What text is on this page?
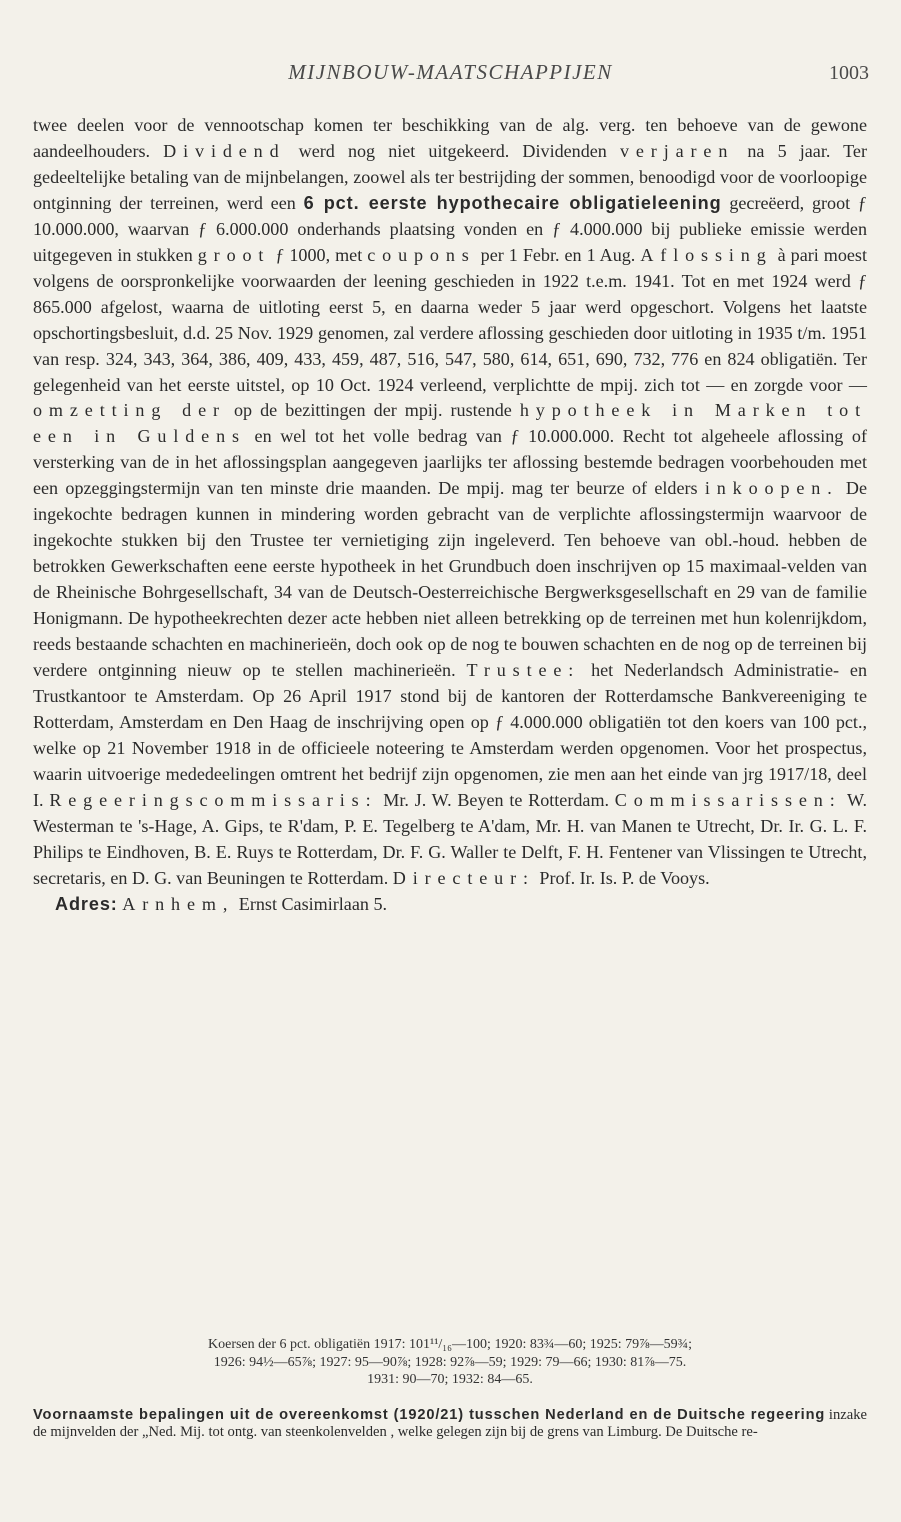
MIJNBOUW-MAATSCHAPPIJEN	1003

twee deelen voor de vennootschap komen ter beschikking van de alg. verg. ten behoeve van de gewone aandeelhouders. Dividend werd nog niet uitgekeerd. Dividenden verjaren na 5 jaar. Ter gedeeltelijke betaling van de mijnbelangen, zoowel als ter bestrijding der sommen, benoodigd voor de voorloopige ontginning der terreinen, werd een 6 pct. eerste hypothecaire obligatieleening gecreëerd, groot ƒ 10.000.000, waarvan ƒ 6.000.000 onderhands plaatsing vonden en ƒ 4.000.000 bij publieke emissie werden uitgegeven in stukken groot ƒ 1000, met coupons per 1 Febr. en 1 Aug. Aflossing à pari moest volgens de oorspronkelijke voorwaarden der leening geschieden in 1922 t.e.m. 1941. Tot en met 1924 werd ƒ 865.000 afgelost, waarna de uitloting eerst 5, en daarna weder 5 jaar werd opgeschort. Volgens het laatste opschortingsbesluit, d.d. 25 Nov. 1929 genomen, zal verdere aflossing geschieden door uitloting in 1935 t/m. 1951 van resp. 324, 343, 364, 386, 409, 433, 459, 487, 516, 547, 580, 614, 651, 690, 732, 776 en 824 obligatiën. Ter gelegenheid van het eerste uitstel, op 10 Oct. 1924 verleend, verplichtte de mpij. zich tot — en zorgde voor — omzetting der op de bezittingen der mpij. rustende hypotheek in Marken tot een in Guldens en wel tot het volle bedrag van ƒ 10.000.000. Recht tot algeheele aflossing of versterking van de in het aflossingsplan aangegeven jaarlijks ter aflossing bestemde bedragen voorbehouden met een opzeggingstermijn van ten minste drie maanden. De mpij. mag ter beurze of elders inkoopen. De ingekochte bedragen kunnen in mindering worden gebracht van de verplichte aflossingstermijn waarvoor de ingekochte stukken bij den Trustee ter vernietiging zijn ingeleverd. Ten behoeve van obl.-houd. hebben de betrokken Gewerkschaften eene eerste hypotheek in het Grundbuch doen inschrijven op 15 maximaal-velden van de Rheinische Bohrgesellschaft, 34 van de Deutsch-Oesterreichische Bergwerksgesellschaft en 29 van de familie Honigmann. De hypotheekrechten dezer acte hebben niet alleen betrekking op de terreinen met hun kolenrijkdom, reeds bestaande schachten en machinerieën, doch ook op de nog te bouwen schachten en de nog op de terreinen bij verdere ontginning nieuw op te stellen machinerieën. Trustee: het Nederlandsch Administratie- en Trustkantoor te Amsterdam. Op 26 April 1917 stond bij de kantoren der Rotterdamsche Bankvereeniging te Rotterdam, Amsterdam en Den Haag de inschrijving open op ƒ 4.000.000 obligatiën tot den koers van 100 pct., welke op 21 November 1918 in de officieele noteering te Amsterdam werden opgenomen. Voor het prospectus, waarin uitvoerige mededeelingen omtrent het bedrijf zijn opgenomen, zie men aan het einde van jrg 1917/18, deel I. Regeeringscommissaris: Mr. J. W. Beyen te Rotterdam. Commissarissen: W. Westerman te 's-Hage, A. Gips, te R'dam, P. E. Tegelberg te A'dam, Mr. H. van Manen te Utrecht, Dr. Ir. G. L. F. Philips te Eindhoven, B. E. Ruys te Rotterdam, Dr. F. G. Waller te Delft, F. H. Fentener van Vlissingen te Utrecht, secretaris, en D. G. van Beuningen te Rotterdam. Directeur: Prof. Ir. Is. P. de Vooys.

Adres: Arnhem, Ernst Casimirlaan 5.

Koersen der 6 pct. obligatiën 1917: 101¹¹/₁₆—100; 1920: 83¾—60; 1925: 79⅞—59¾;
1926: 94½—65⅞; 1927: 95—90⅞; 1928: 92⅞—59; 1929: 79—66; 1930: 81⅞—75.
1931: 90—70; 1932: 84—65.
Voornaamste bepalingen uit de overeenkomst (1920/21) tusschen Nederland en de Duitsche regeering inzake de mijnvelden der „Ned. Mij. tot ontg. van steenkolenvelden , welke gelegen zijn bij de grens van Limburg. De Duitsche re-
